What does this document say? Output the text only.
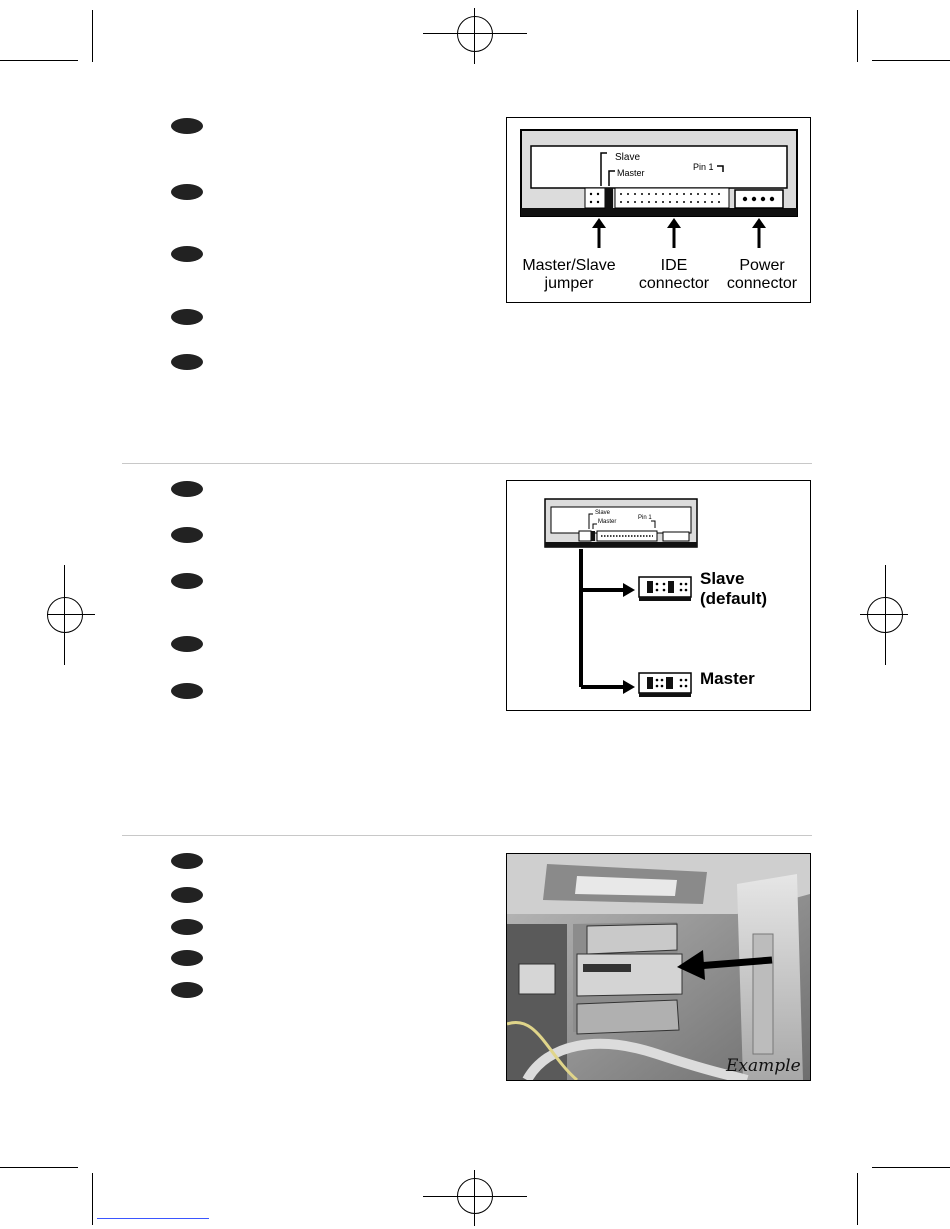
Slave
Master
Pin 1
Master/Slave
jumper
IDE
connector
Power
connector
Slave
Master
Pin 1
Slave
(default)
Master
Example
